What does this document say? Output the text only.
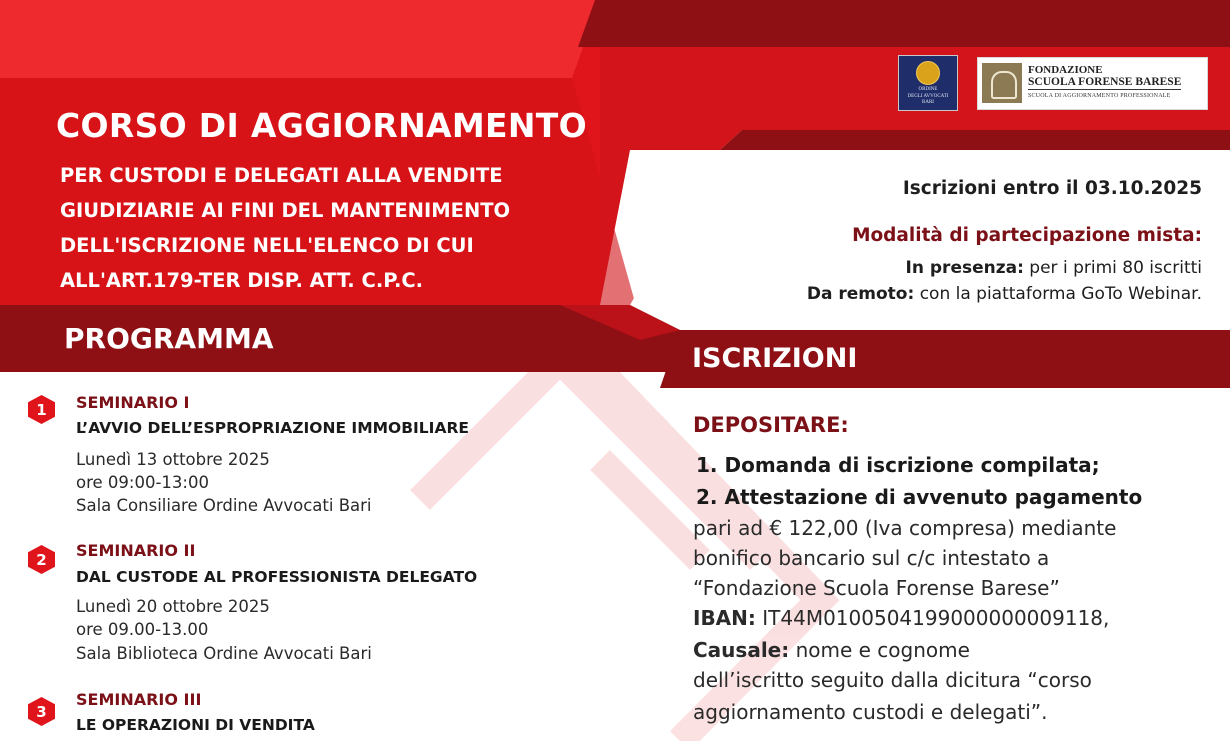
CORSO DI AGGIORNAMENTO
PER CUSTODI E DELEGATI ALLA VENDITE
GIUDIZIARIE AI FINI DEL MANTENIMENTO
DELL'ISCRIZIONE NELL'ELENCO DI CUI
ALL'ART.179-TER DISP. ATT. C.P.C.
ORDINE
DEGLI AVVOCATI
BARI
FONDAZIONE
SCUOLA FORENSE BARESE
SCUOLA DI AGGIORNAMENTO PROFESSIONALE
Iscrizioni entro il 03.10.2025
Modalità di partecipazione mista:
In presenza: per i primi 80 iscritti
Da remoto: con la piattaforma GoTo Webinar.
PROGRAMMA
ISCRIZIONI
1 SEMINARIO I
L’AVVIO DELL’ESPROPRIAZIONE IMMOBILIARE
Lunedì 13 ottobre 2025
ore 09:00-13:00
Sala Consiliare Ordine Avvocati Bari
2 SEMINARIO II
DAL CUSTODE AL PROFESSIONISTA DELEGATO
Lunedì 20 ottobre 2025
ore 09.00-13.00
Sala Biblioteca Ordine Avvocati Bari
3
SEMINARIO III
LE OPERAZIONI DI VENDITA
DEPOSITARE:
1. Domanda di iscrizione compilata;
2. Attestazione di avvenuto pagamento
pari ad € 122,00 (Iva compresa) mediante
bonifico bancario sul c/c intestato a
“Fondazione Scuola Forense Barese”
IBAN: IT44M0100504199000000009118,
Causale: nome e cognome
dell’iscritto seguito dalla dicitura “corso
aggiornamento custodi e delegati”.
